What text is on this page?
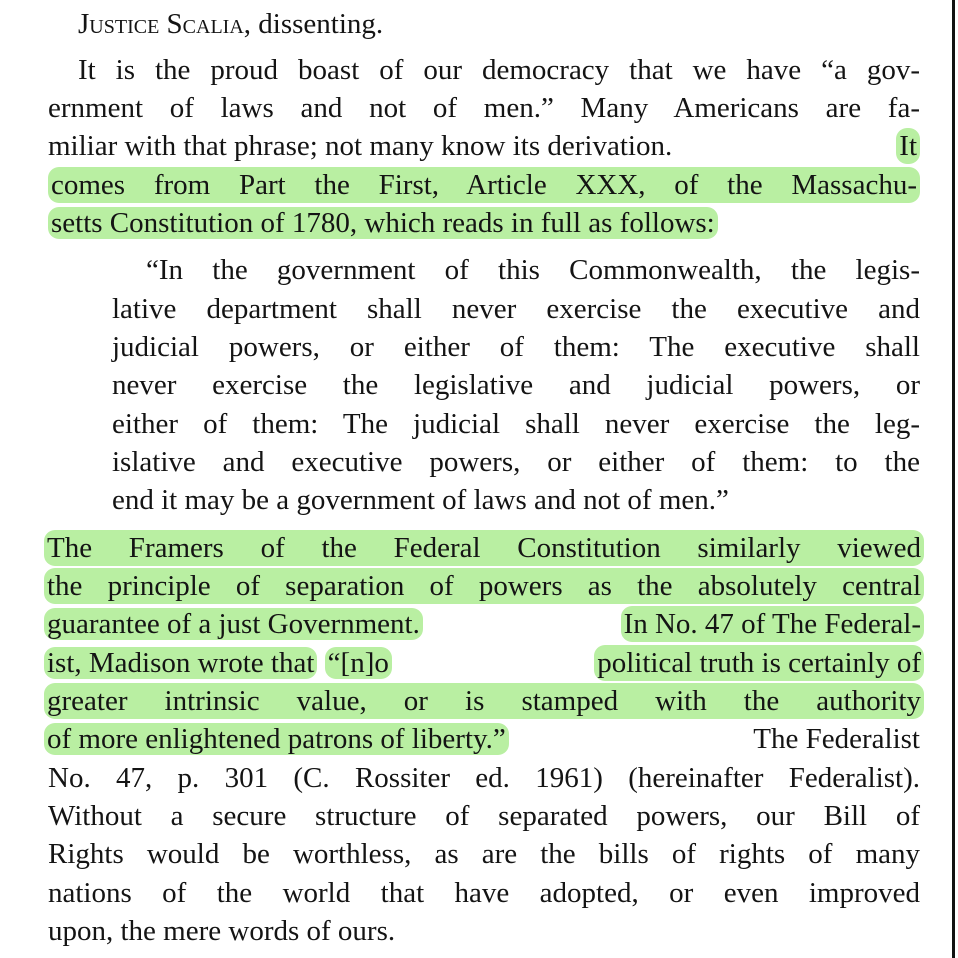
Justice Scalia, dissenting.
It is the proud boast of our democracy that we have “a gov-
ernment of laws and not of men.” Many Americans are fa-
miliar with that phrase; not many know its derivation.	It
comes from Part the First, Article XXX, of the Massachu-
setts Constitution of 1780, which reads in full as follows:
“In the government of this Commonwealth, the legis-
lative department shall never exercise the executive and
judicial powers, or either of them: The executive shall
never exercise the legislative and judicial powers, or
either of them: The judicial shall never exercise the leg-
islative and executive powers, or either of them: to the
end it may be a government of laws and not of men.”
The Framers of the Federal Constitution similarly viewed
the principle of separation of powers as the absolutely central
guarantee of a just Government.	In No. 47 of The Federal-
ist, Madison wrote that “[n]o	political truth is certainly of
greater intrinsic value, or is stamped with the authority
of more enlightened patrons of liberty.”	The Federalist
No. 47, p. 301 (C. Rossiter ed. 1961) (hereinafter Federalist).
Without a secure structure of separated powers, our Bill of
Rights would be worthless, as are the bills of rights of many
nations of the world that have adopted, or even improved
upon, the mere words of ours.
